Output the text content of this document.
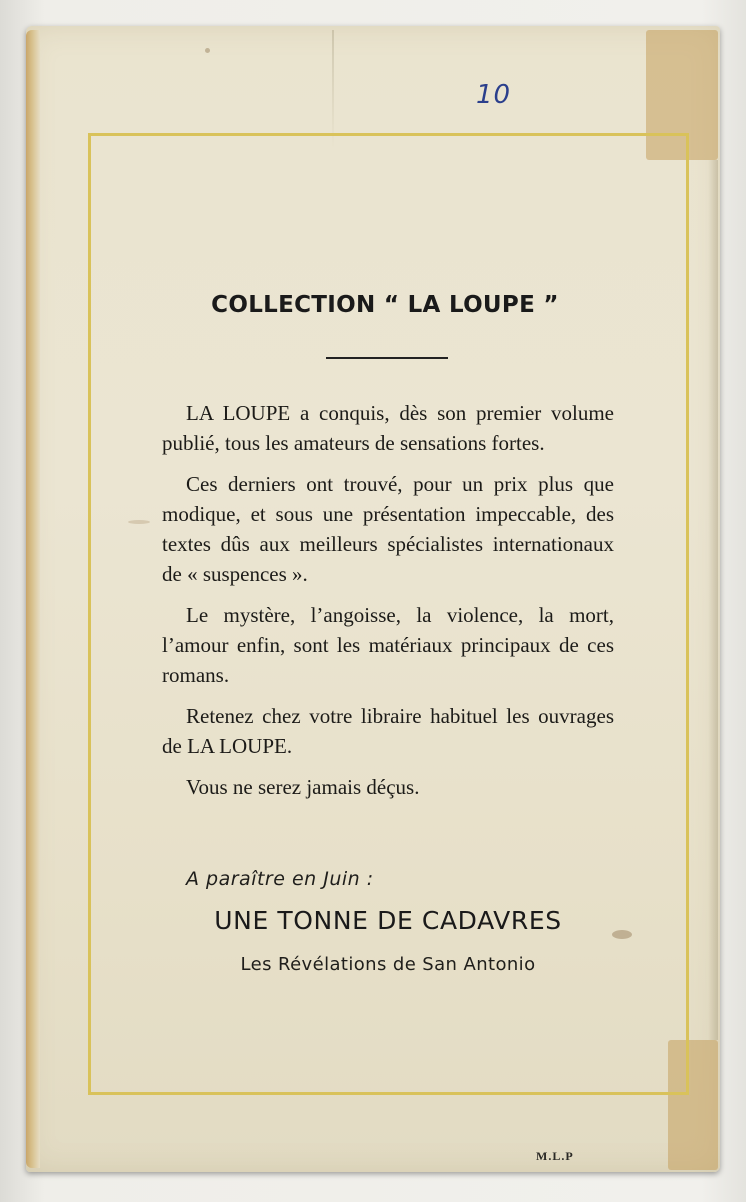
10
COLLECTION “ LA LOUPE ”

LA LOUPE a conquis, dès son premier volume publié, tous les amateurs de sensations fortes.

Ces derniers ont trouvé, pour un prix plus que modique, et sous une présentation impeccable, des textes dûs aux meilleurs spécialistes internationaux de « suspences ».

Le mystère, l’angoisse, la violence, la mort, l’amour enfin, sont les matériaux principaux de ces romans.

Retenez chez votre libraire habituel les ouvrages de LA LOUPE.

Vous ne serez jamais déçus.

A paraître en Juin :
UNE TONNE DE CADAVRES
Les Révélations de San Antonio
M.L.P
